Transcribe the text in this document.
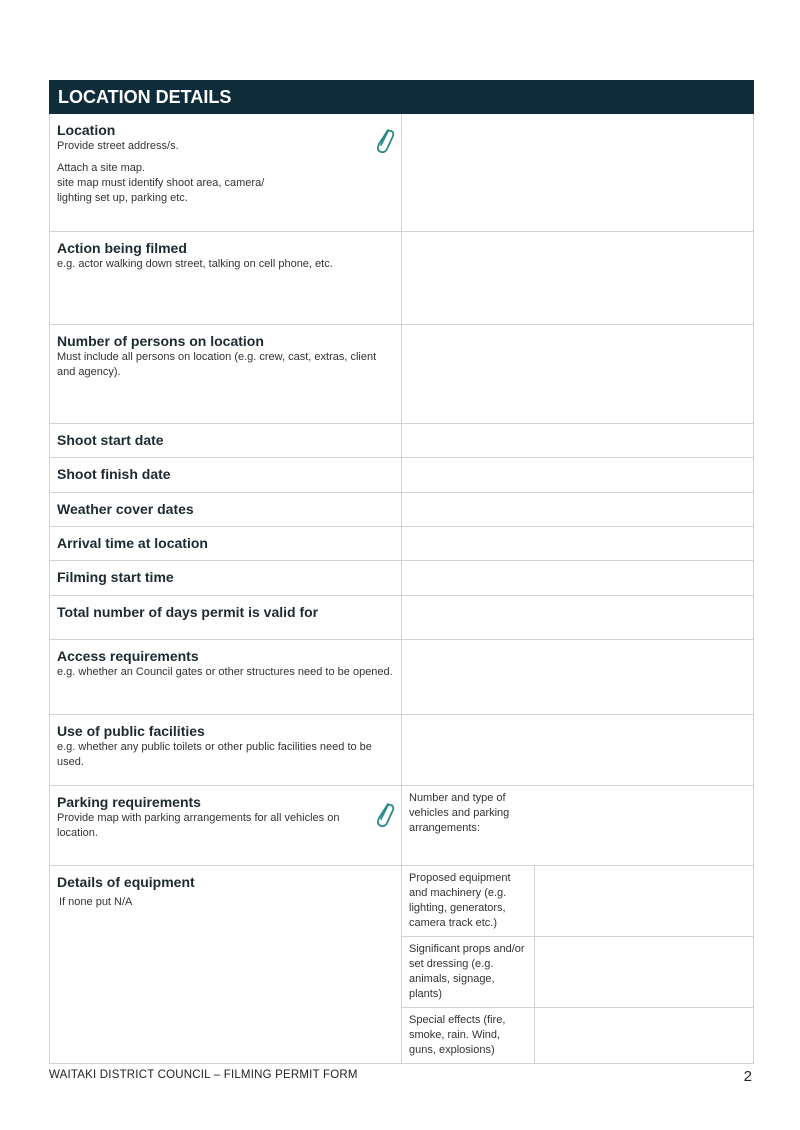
LOCATION DETAILS

Location
Provide street address/s.
Attach a site map.
site map must identify shoot area, camera/
lighting set up, parking etc.

Action being filmed
e.g. actor walking down street, talking on cell phone, etc.

Number of persons on location
Must include all persons on location (e.g. crew, cast, extras, client and agency).

Shoot start date

Shoot finish date

Weather cover dates

Arrival time at location

Filming start time

Total number of days permit is valid for

Access requirements
e.g. whether an Council gates or other structures need to be opened.

Use of public facilities
e.g. whether any public toilets or other public facilities need to be used.

Parking requirements
Provide map with parking arrangements for all vehicles on location.

Number and type of vehicles and parking arrangements:

Details of equipment
If none put N/A

Proposed equipment and machinery (e.g. lighting, generators, camera track etc.)	
Significant props and/or set dressing (e.g. animals, signage, plants)	
Special effects (fire, smoke, rain. Wind, guns, explosions)	
WAITAKI DISTRICT COUNCIL – FILMING PERMIT FORM	2
